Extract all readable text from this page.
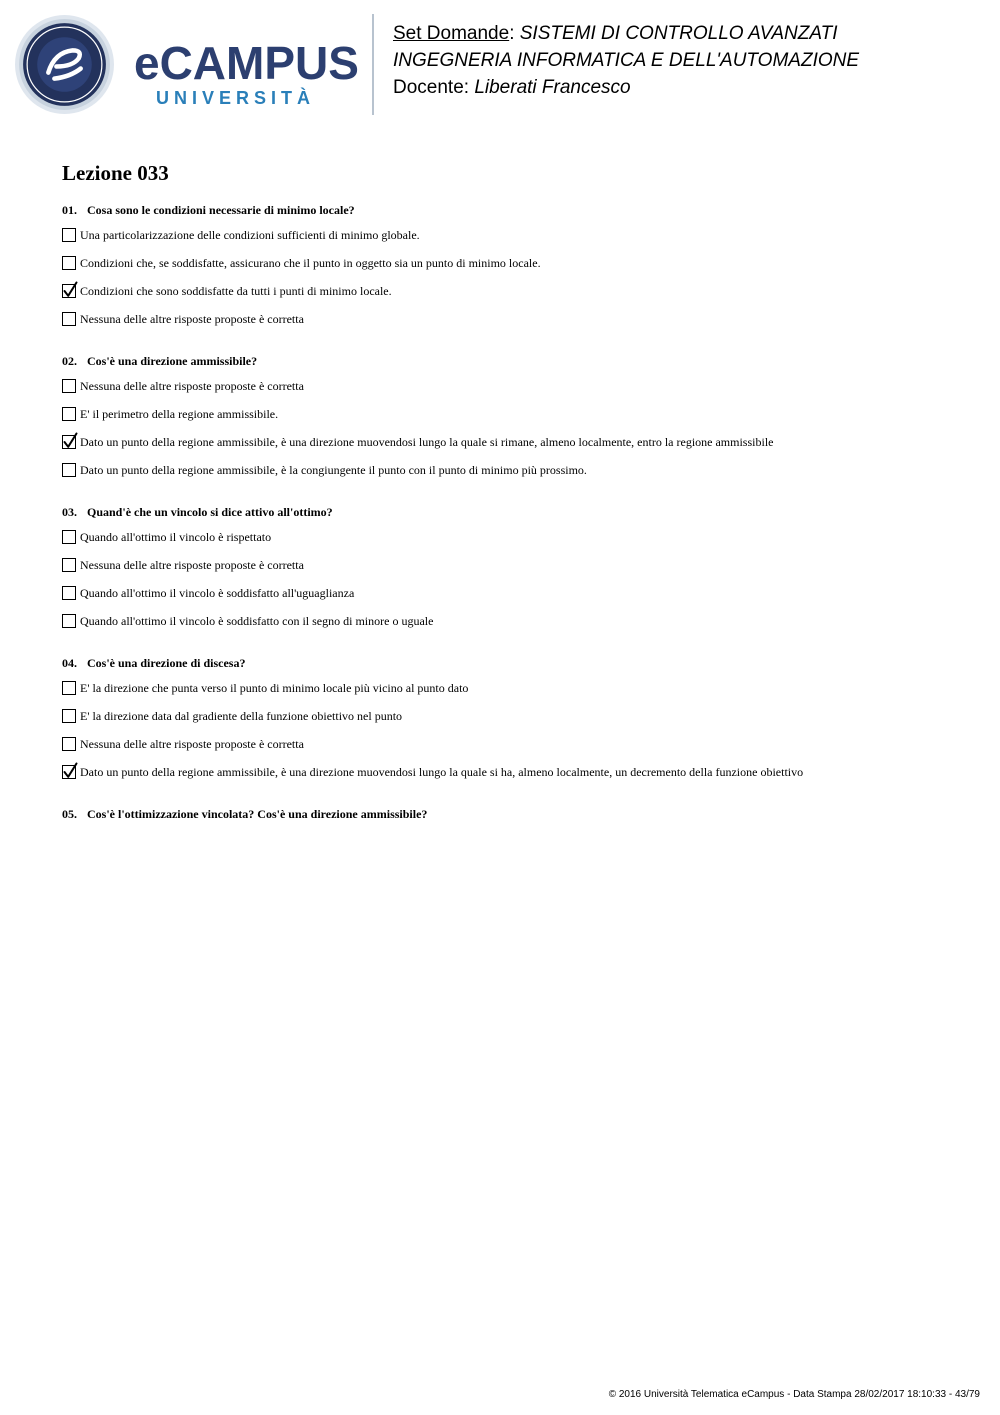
eCAMPUS
UNIVERSITÀ
Set Domande: SISTEMI DI CONTROLLO AVANZATI
INGEGNERIA INFORMATICA E DELL'AUTOMAZIONE
Docente: Liberati Francesco
Lezione 033
01. Cosa sono le condizioni necessarie di minimo locale?
Una particolarizzazione delle condizioni sufficienti di minimo globale.
Condizioni che, se soddisfatte, assicurano che il punto in oggetto sia un punto di minimo locale.
Condizioni che sono soddisfatte da tutti i punti di minimo locale.
Nessuna delle altre risposte proposte è corretta
02. Cos'è una direzione ammissibile?
Nessuna delle altre risposte proposte è corretta
E' il perimetro della regione ammissibile.
Dato un punto della regione ammissibile, è una direzione muovendosi lungo la quale si rimane, almeno localmente, entro la regione ammissibile
Dato un punto della regione ammissibile, è la congiungente il punto con il punto di minimo più prossimo.
03. Quand'è che un vincolo si dice attivo all'ottimo?
Quando all'ottimo il vincolo è rispettato
Nessuna delle altre risposte proposte è corretta
Quando all'ottimo il vincolo è soddisfatto all'uguaglianza
Quando all'ottimo il vincolo è soddisfatto con il segno di minore o uguale
04. Cos'è una direzione di discesa?
E' la direzione che punta verso il punto di minimo locale più vicino al punto dato
E' la direzione data dal gradiente della funzione obiettivo nel punto
Nessuna delle altre risposte proposte è corretta
Dato un punto della regione ammissibile, è una direzione muovendosi lungo la quale si ha, almeno localmente, un decremento della funzione obiettivo
05. Cos'è l'ottimizzazione vincolata? Cos'è una direzione ammissibile?
© 2016 Università Telematica eCampus - Data Stampa 28/02/2017 18:10:33 - 43/79
